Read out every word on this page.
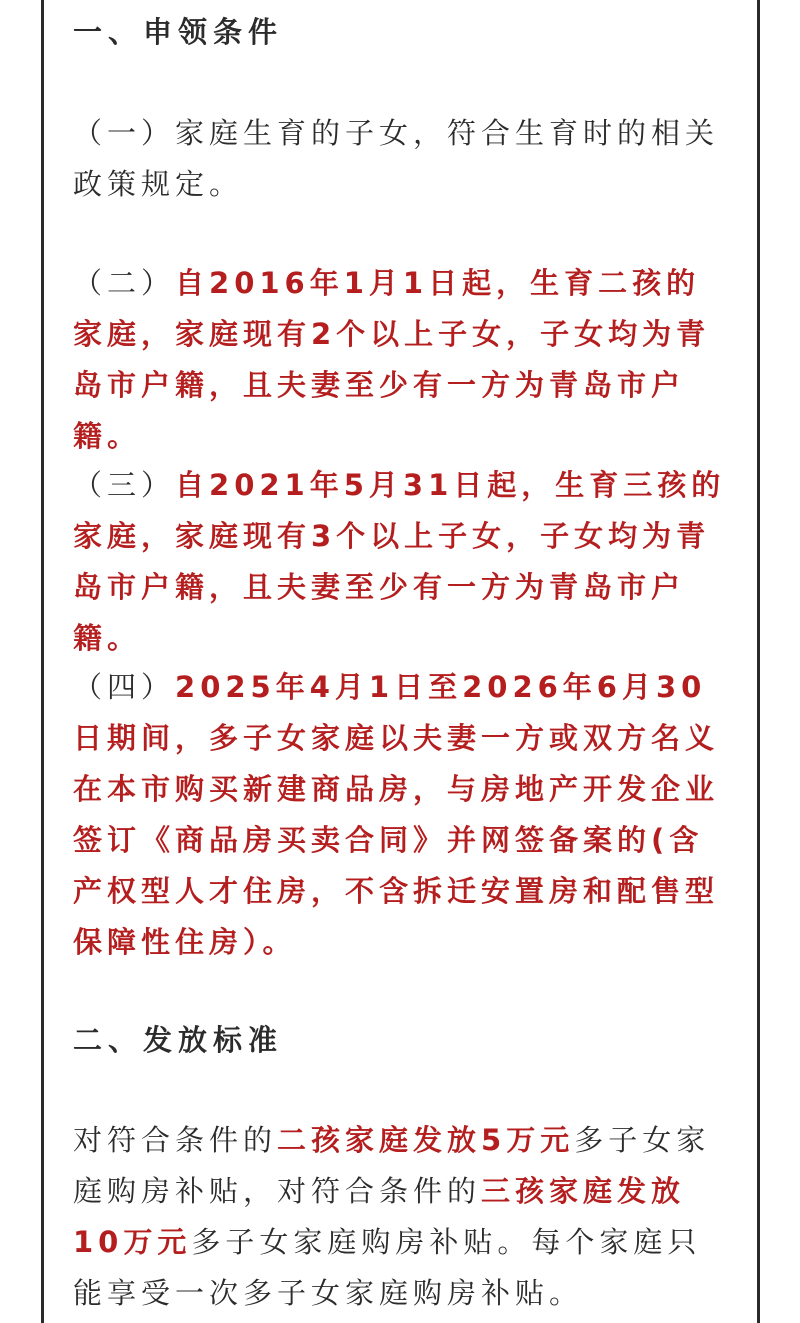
一、申领条件

（一）家庭生育的子女，符合生育时的相关政策规定。

（二）自2016年1月1日起，生育二孩的家庭，家庭现有2个以上子女，子女均为青岛市户籍，且夫妻至少有一方为青岛市户籍。

（三）自2021年5月31日起，生育三孩的家庭，家庭现有3个以上子女，子女均为青岛市户籍，且夫妻至少有一方为青岛市户籍。

（四）2025年4月1日至2026年6月30日期间，多子女家庭以夫妻一方或双方名义在本市购买新建商品房，与房地产开发企业签订《商品房买卖合同》并网签备案的(含产权型人才住房，不含拆迁安置房和配售型保障性住房）。

二、发放标准

对符合条件的二孩家庭发放5万元多子女家庭购房补贴，对符合条件的三孩家庭发放10万元多子女家庭购房补贴。每个家庭只能享受一次多子女家庭购房补贴。
